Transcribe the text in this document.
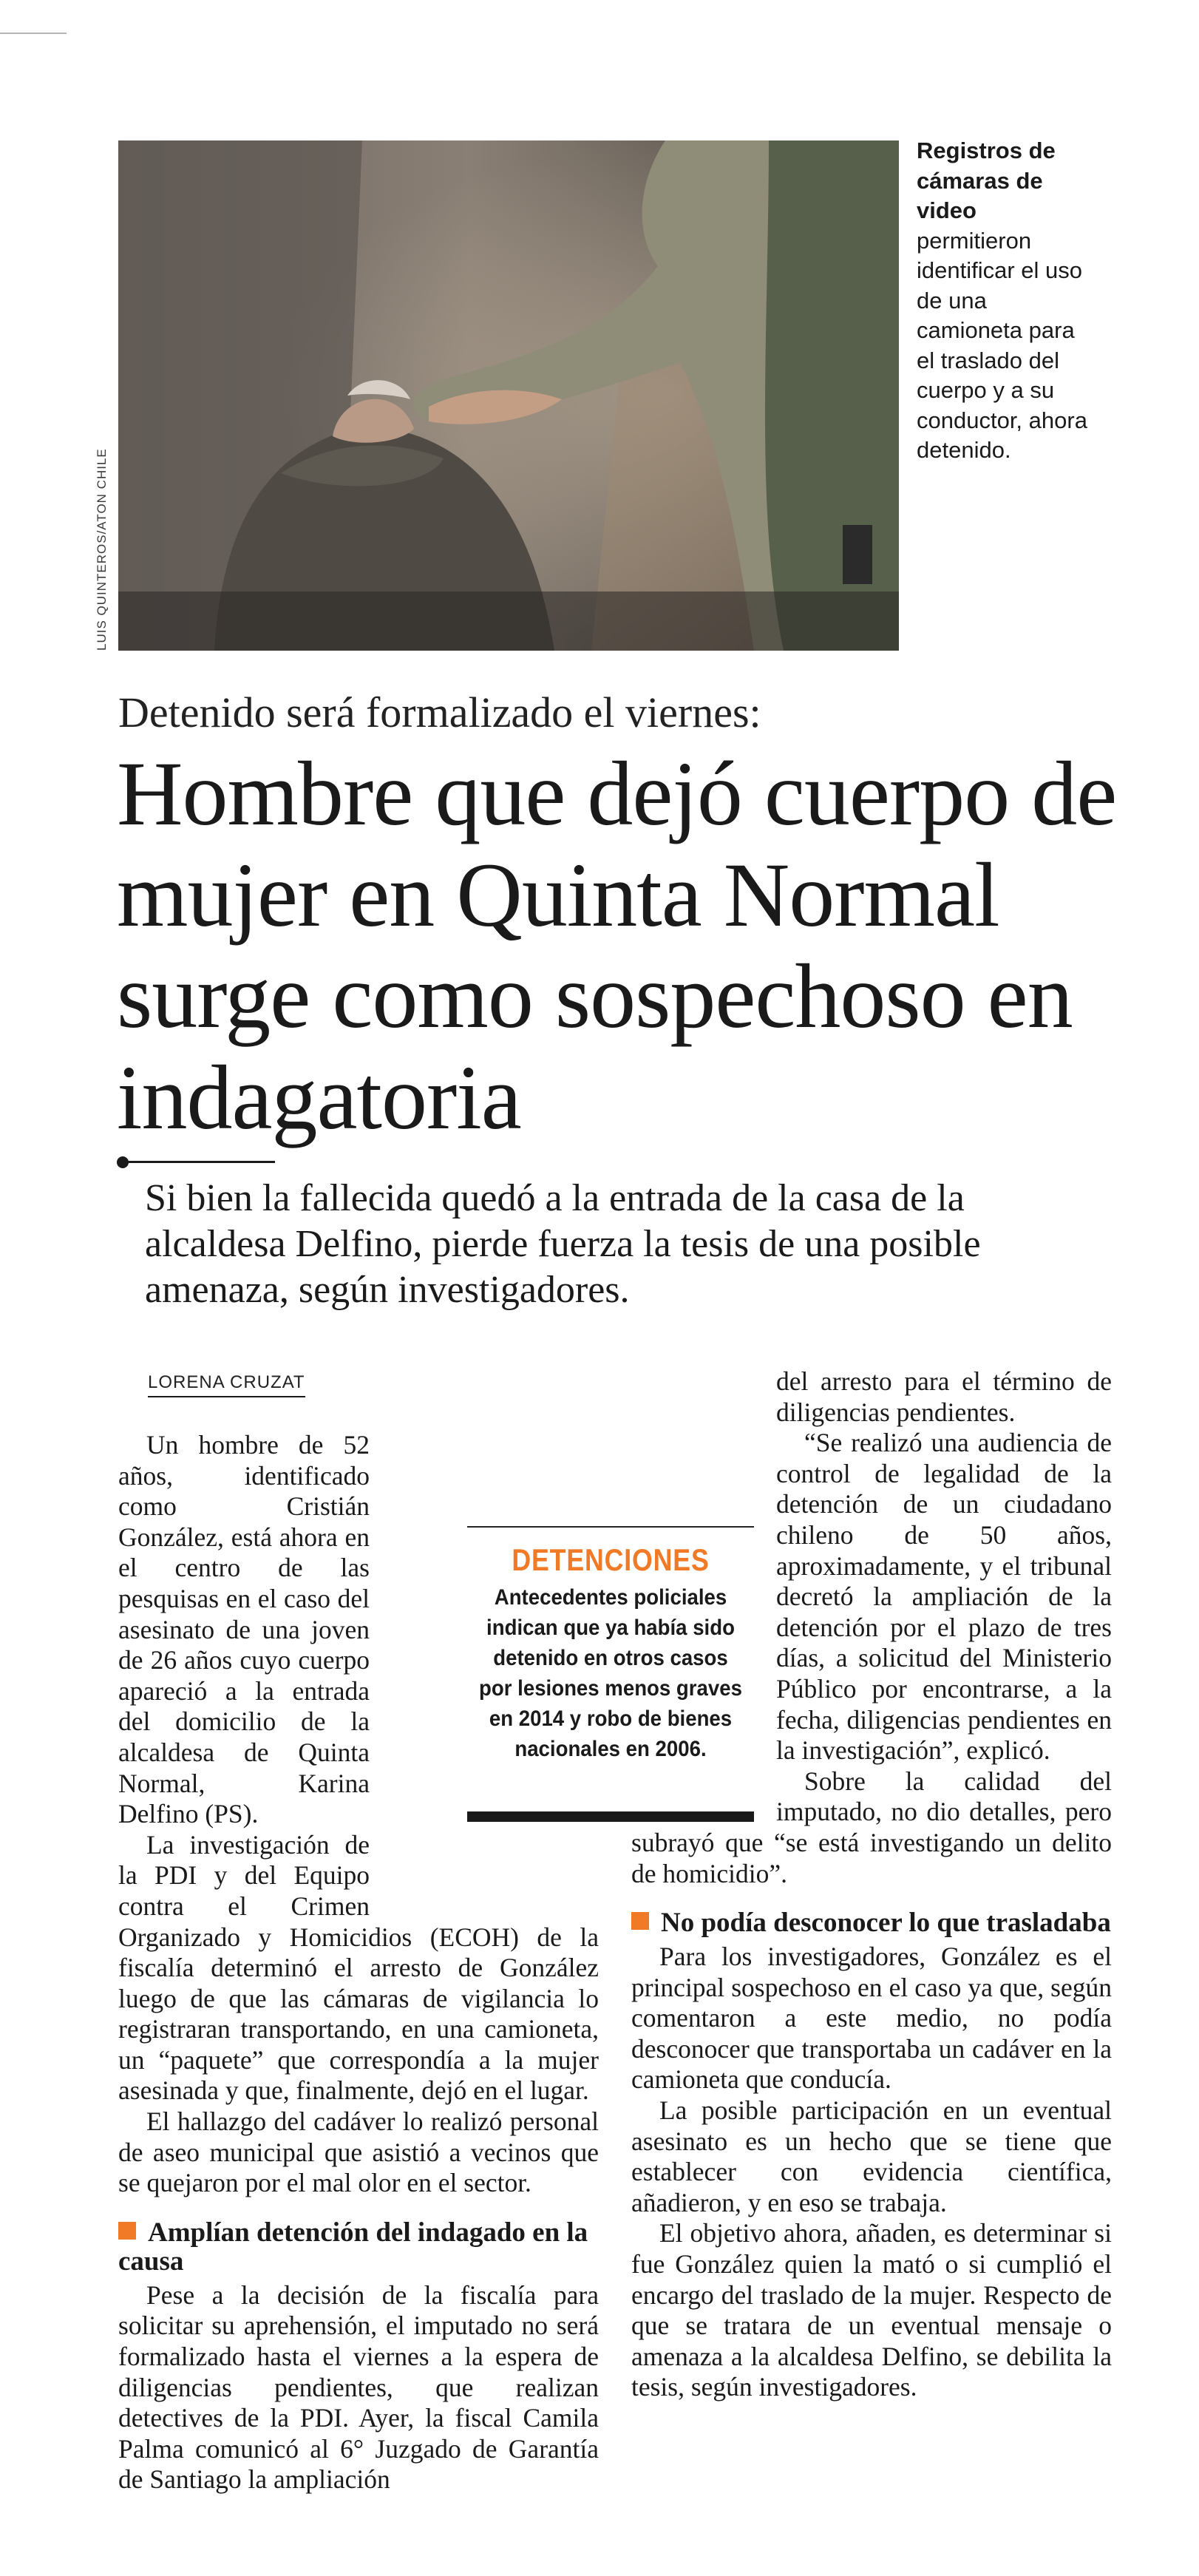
LUIS QUINTEROS/ATON CHILE
Registros de cámaras de video permitieron identificar el uso de una camioneta para el traslado del cuerpo y a su conductor, ahora detenido.
Detenido será formalizado el viernes:
Hombre que dejó cuerpo de mujer en Quinta Normal surge como sospechoso en indagatoria
Si bien la fallecida quedó a la entrada de la casa de la alcaldesa Delfino, pierde fuerza la tesis de una posible amenaza, según investigadores.
LORENA CRUZAT

Un hombre de 52 años, identificado como Cristián González, está ahora en el centro de las pesquisas en el caso del asesinato de una joven de 26 años cuyo cuerpo apareció a la entrada del domicilio de la alcaldesa de Quinta Normal, Karina Delfino (PS).

La investigación de la PDI y del Equipo contra el Crimen Organizado y Homicidios (ECOH) de la fiscalía determinó el arresto de González luego de que las cámaras de vigilancia lo registraran transportando, en una camioneta, un “paquete” que correspondía a la mujer asesinada y que, finalmente, dejó en el lugar.

El hallazgo del cadáver lo realizó personal de aseo municipal que asistió a vecinos que se quejaron por el mal olor en el sector.

Amplían detención del indagado en la causa

Pese a la decisión de la fiscalía para solicitar su aprehensión, el imputado no será formalizado hasta el viernes a la espera de diligencias pendientes, que realizan detectives de la PDI. Ayer, la fiscal Camila Palma comunicó al 6° Juzgado de Garantía de Santiago la ampliación

del arresto para el término de diligencias pendientes.

“Se realizó una audiencia de control de legalidad de la detención de un ciudadano chileno de 50 años, aproximadamente, y el tribunal decretó la ampliación de la detención por el plazo de tres días, a solicitud del Ministerio Público por encontrarse, a la fecha, diligencias pendientes en la investigación”, explicó.

Sobre la calidad del imputado, no dio detalles, pero subrayó que “se está investigando un delito de homicidio”.

No podía desconocer lo que trasladaba

Para los investigadores, González es el principal sospechoso en el caso ya que, según comentaron a este medio, no podía desconocer que transportaba un cadáver en la camioneta que conducía.

La posible participación en un eventual asesinato es un hecho que se tiene que establecer con evidencia científica, añadieron, y en eso se trabaja.

El objetivo ahora, añaden, es determinar si fue González quien la mató o si cumplió el encargo del traslado de la mujer. Respecto de que se tratara de un eventual mensaje o amenaza a la alcaldesa Delfino, se debilita la tesis, según investigadores.

DETENCIONES
Antecedentes policiales indican que ya había sido detenido en otros casos por lesiones menos graves en 2014 y robo de bienes nacionales en 2006.
